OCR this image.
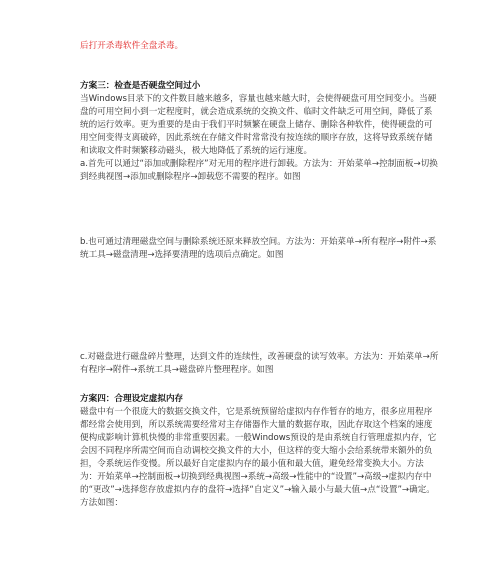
后打开杀毒软件全盘杀毒。

方案三：检查是否硬盘空间过小

当Windows目录下的文件数目越来越多，容量也越来越大时，会使得硬盘可用空间变小。当硬盘的可用空间小到一定程度时，就会造成系统的交换文件、临时文件缺乏可用空间，降低了系统的运行效率。更为重要的是由于我们平时频繁在硬盘上储存、删除各种软件，使得硬盘的可用空间变得支离破碎，因此系统在存储文件时常常没有按连续的顺序存放，这将导致系统存储和读取文件时频繁移动磁头，极大地降低了系统的运行速度。

a.首先可以通过“添加或删除程序”对无用的程序进行卸载。方法为：开始菜单→控制面板→切换到经典视图→添加或删除程序→卸载您不需要的程序。如图

b.也可通过清理磁盘空间与删除系统还原来释放空间。方法为：开始菜单→所有程序→附件→系统工具→磁盘清理→选择要清理的选项后点确定。如图

c.对磁盘进行磁盘碎片整理，达到文件的连续性，改善硬盘的读写效率。方法为：开始菜单→所有程序→附件→系统工具→磁盘碎片整理程序。如图

方案四：合理设定虚拟内存

磁盘中有一个很庞大的数据交换文件，它是系统预留给虚拟内存作暂存的地方，很多应用程序都经常会使用到，所以系统需要经常对主存储器作大量的数据存取，因此存取这个档案的速度便构成影响计算机快慢的非常重要因素。一般Windows预设的是由系统自行管理虚拟内存，它会因不同程序所需空间而自动调校交换文件的大小，但这样的变大缩小会给系统带来额外的负担，令系统运作变慢。所以最好自定虚拟内存的最小值和最大值，避免经常变换大小。方法为：开始菜单→控制面板→切换到经典视图→系统→高级→性能中的“设置”→高级→虚拟内存中的“更改”→选择您存放虚拟内存的盘符→选择“自定义”→输入最小与最大值→点“设置”→确定。方法如图：
